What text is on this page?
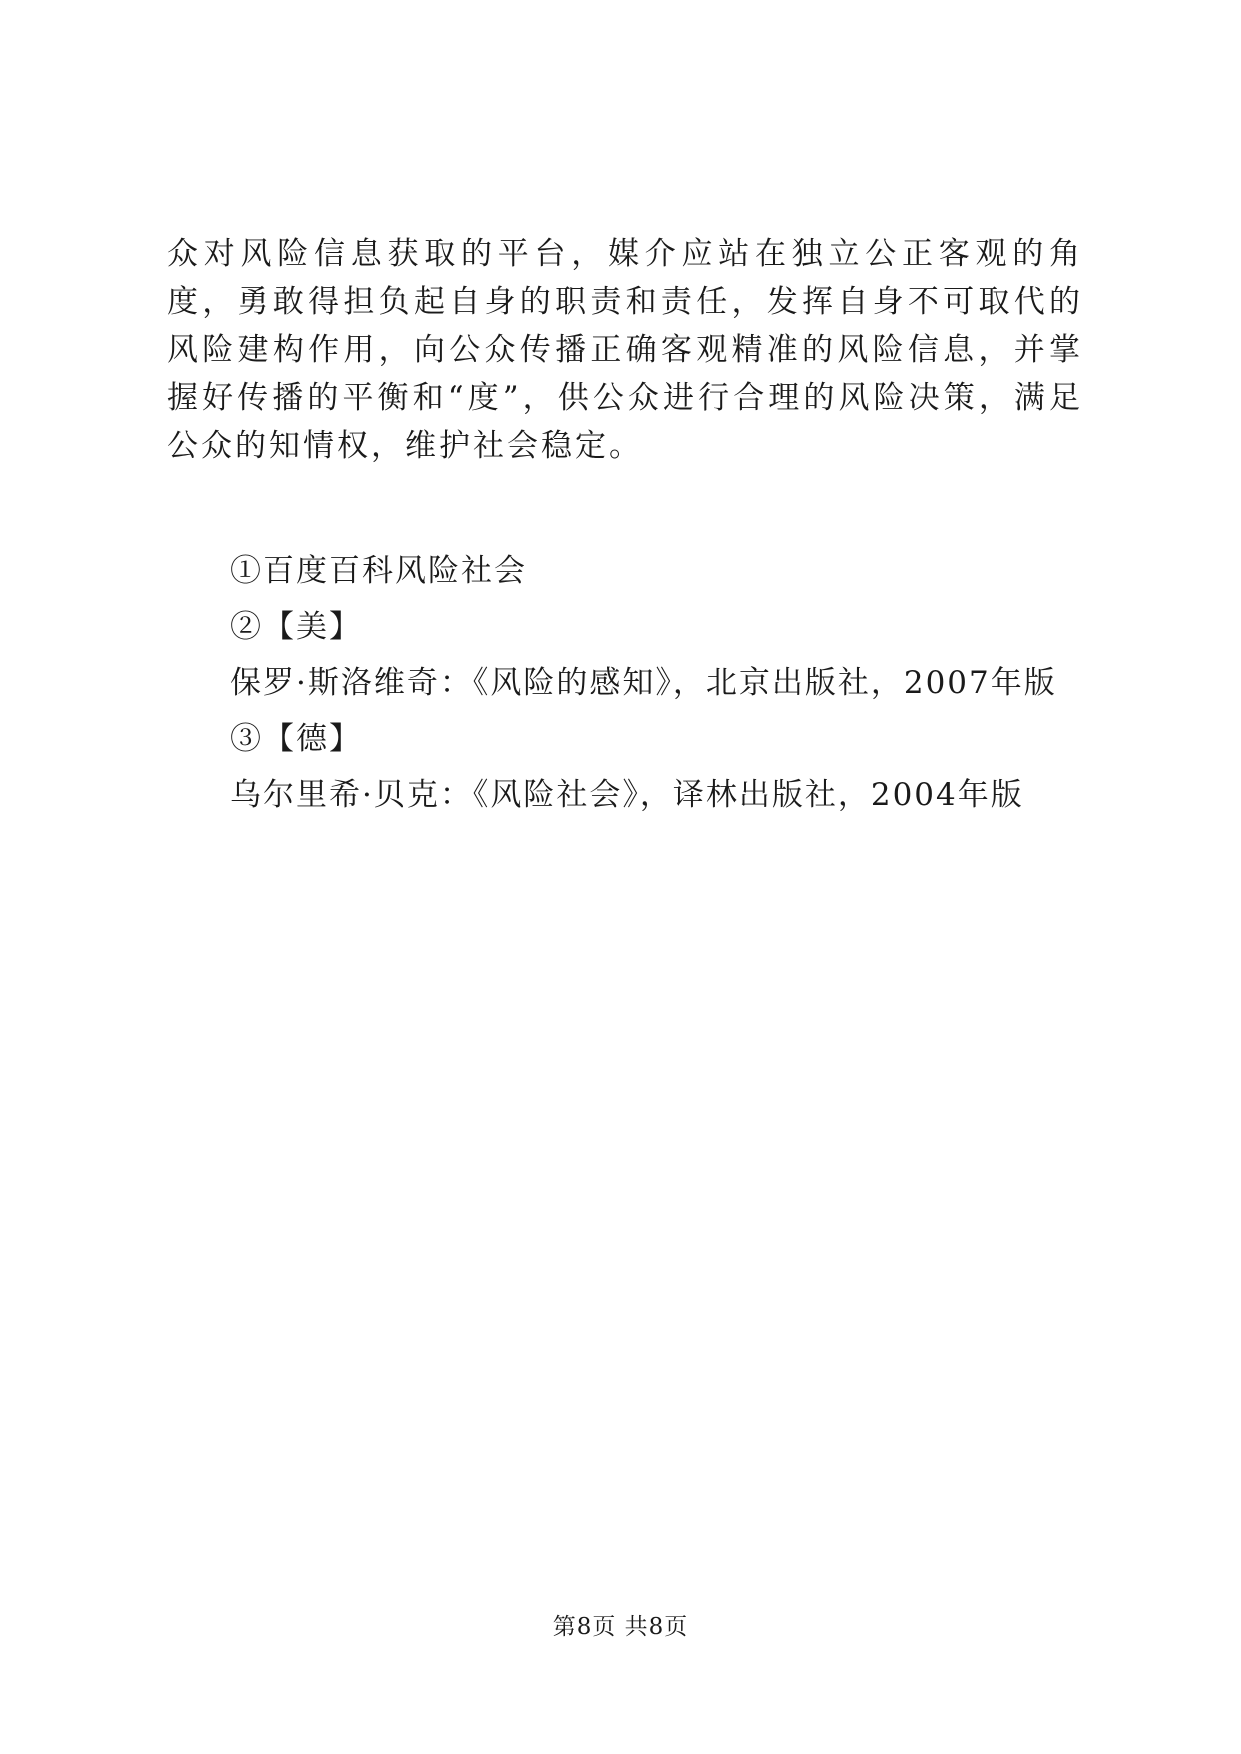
众对风险信息获取的平台，媒介应站在独立公正客观的角度，勇敢得担负起自身的职责和责任，发挥自身不可取代的风险建构作用，向公众传播正确客观精准的风险信息，并掌握好传播的平衡和“度”，供公众进行合理的风险决策，满足公众的知情权，维护社会稳定。

①百度百科风险社会
②【美】
保罗·斯洛维奇：《风险的感知》，北京出版社，2007年版
③【德】
乌尔里希·贝克：《风险社会》，译林出版社，2004年版
第8页 共8页
